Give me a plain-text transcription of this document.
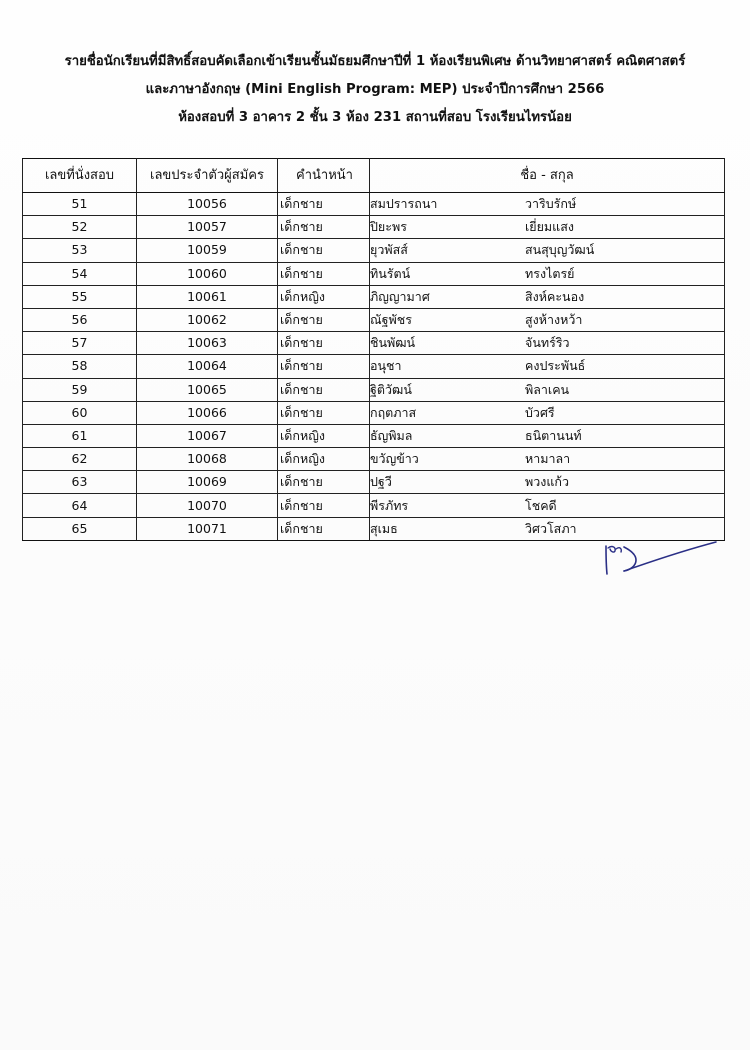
รายชื่อนักเรียนที่มีสิทธิ์สอบคัดเลือกเข้าเรียนชั้นมัธยมศึกษาปีที่ 1 ห้องเรียนพิเศษ ด้านวิทยาศาสตร์ คณิตศาสตร์
และภาษาอังกฤษ (Mini English Program: MEP) ประจำปีการศึกษา 2566
ห้องสอบที่ 3 อาคาร 2 ชั้น 3 ห้อง 231 สถานที่สอบ โรงเรียนไทรน้อย
เลขที่นั่งสอบ	เลขประจำตัวผู้สมัคร	คำนำหน้า	ชื่อ - สกุล
51	10056	เด็กชาย	สมปรารถนา วาริบรักษ์
52	10057	เด็กชาย	ปิยะพร เยี่ยมแสง
53	10059	เด็กชาย	ยุวพัสส์ สนสุบุญวัฒน์
54	10060	เด็กชาย	ทินรัตน์ ทรงไตรย์
55	10061	เด็กหญิง	ภิญญามาศ สิงห์คะนอง
56	10062	เด็กชาย	ณัฐพัชร สูงห้างหว้า
57	10063	เด็กชาย	ชินพัฒน์ จันทร์ริว
58	10064	เด็กชาย	อนุชา คงประพันธ์
59	10065	เด็กชาย	ฐิติวัฒน์ พิลาเคน
60	10066	เด็กชาย	กฤตภาส บัวศรี
61	10067	เด็กหญิง	ธัญพิมล ธนิตานนท์
62	10068	เด็กหญิง	ขวัญข้าว หามาลา
63	10069	เด็กชาย	ปฐวี พวงแก้ว
64	10070	เด็กชาย	พีรภัทร โชคดี
65	10071	เด็กชาย	สุเมธ วิศวโสภา
